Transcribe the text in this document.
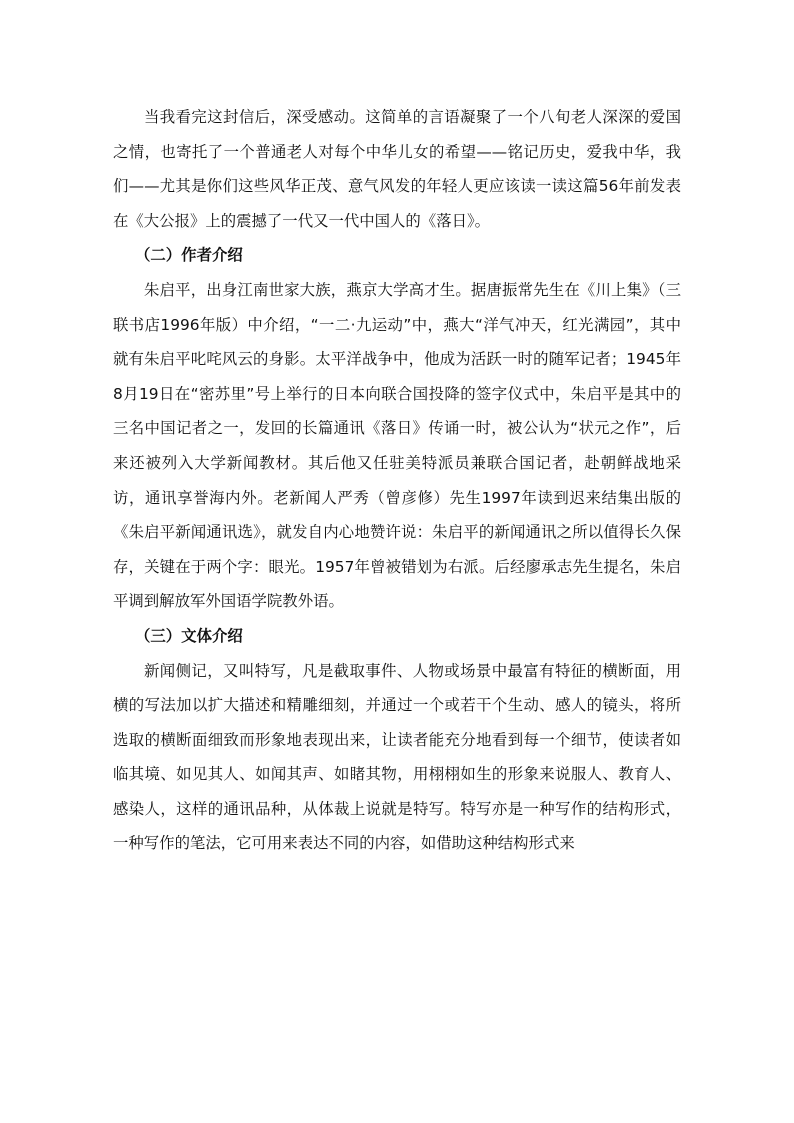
当我看完这封信后，深受感动。这简单的言语凝聚了一个八旬老人深深的爱国之情，也寄托了一个普通老人对每个中华儿女的希望——铭记历史，爱我中华，我们——尤其是你们这些风华正茂、意气风发的年轻人更应该读一读这篇56年前发表在《大公报》上的震撼了一代又一代中国人的《落日》。

（二）作者介绍

朱启平，出身江南世家大族，燕京大学高才生。据唐振常先生在《川上集》（三联书店1996年版）中介绍，“一二·九运动”中，燕大“洋气冲天，红光满园”，其中就有朱启平叱咤风云的身影。太平洋战争中，他成为活跃一时的随军记者；1945年8月19日在“密苏里”号上举行的日本向联合国投降的签字仪式中，朱启平是其中的三名中国记者之一，发回的长篇通讯《落日》传诵一时，被公认为“状元之作”，后来还被列入大学新闻教材。其后他又任驻美特派员兼联合国记者，赴朝鲜战地采访，通讯享誉海内外。老新闻人严秀（曾彦修）先生1997年读到迟来结集出版的《朱启平新闻通讯选》，就发自内心地赞许说：朱启平的新闻通讯之所以值得长久保存，关键在于两个字：眼光。1957年曾被错划为右派。后经廖承志先生提名，朱启平调到解放军外国语学院教外语。

（三）文体介绍

新闻侧记，又叫特写，凡是截取事件、人物或场景中最富有特征的横断面，用横的写法加以扩大描述和精雕细刻，并通过一个或若干个生动、感人的镜头，将所选取的横断面细致而形象地表现出来，让读者能充分地看到每一个细节，使读者如临其境、如见其人、如闻其声、如睹其物，用栩栩如生的形象来说服人、教育人、感染人，这样的通讯品种，从体裁上说就是特写。特写亦是一种写作的结构形式，一种写作的笔法，它可用来表达不同的内容，如借助这种结构形式来
